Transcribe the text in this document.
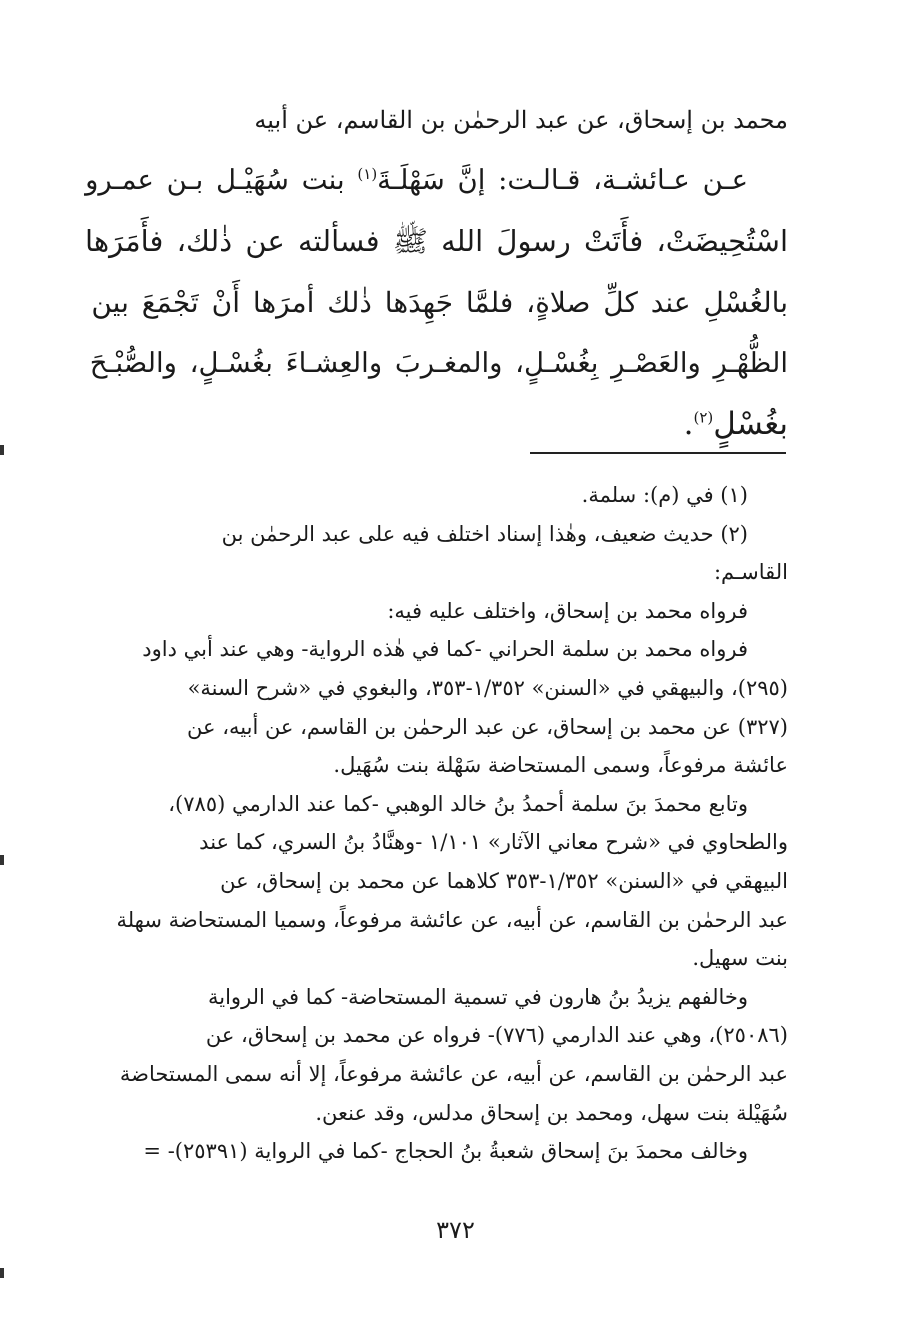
محمد بن إسحاق، عن عبد الرحمٰن بن القاسم، عن أبيه
عـن عـائشـة، قـالـت: إنَّ سَهْلَـةَ$^{(١)}$ بنت سُهَيْـل بـن عمـرو
اسْتُحِيضَتْ، فأَتَتْ رسولَ الله ﷺ فسألته عن ذٰلك، فأَمَرَها
بالغُسْلِ عند كلِّ صلاةٍ، فلمَّا جَهِدَها ذٰلك أمرَها أَنْ تَجْمَعَ بين
الظُّهْـرِ والعَصْـرِ بِغُسْـلٍ، والمغـربَ والعِشـاءَ بغُسْـلٍ، والصُّبْـحَ
بغُسْلٍ$^{(٢)}$.
(١) في (م): سلمة.
(٢) حديث ضعيف، وهٰذا إسناد اختلف فيه على عبد الرحمٰن بن
القاسـم:
فرواه محمد بن إسحاق، واختلف عليه فيه:
فرواه محمد بن سلمة الحراني -كما في هٰذه الرواية- وهي عند أبي داود
(٢٩٥)، والبيهقي في «السنن» ١/٣٥٢-٣٥٣، والبغوي في «شرح السنة»
(٣٢٧) عن محمد بن إسحاق، عن عبد الرحمٰن بن القاسم، عن أبيه، عن
عائشة مرفوعاً، وسمى المستحاضة سَهْلة بنت سُهَيل.
وتابع محمدَ بنَ سلمة أحمدُ بنُ خالد الوهبي -كما عند الدارمي (٧٨٥)،
والطحاوي في «شرح معاني الآثار» ١/١٠١ -وهنَّادُ بنُ السري، كما عند
البيهقي في «السنن» ١/٣٥٢-٣٥٣ كلاهما عن محمد بن إسحاق، عن
عبد الرحمٰن بن القاسم، عن أبيه، عن عائشة مرفوعاً، وسميا المستحاضة سهلة
بنت سهيل.
وخالفهم يزيدُ بنُ هارون في تسمية المستحاضة- كما في الرواية
(٢٥٠٨٦)، وهي عند الدارمي (٧٧٦)- فرواه عن محمد بن إسحاق، عن
عبد الرحمٰن بن القاسم، عن أبيه، عن عائشة مرفوعاً، إلا أنه سمى المستحاضة
سُهَيْلة بنت سهل، ومحمد بن إسحاق مدلس، وقد عنعن.
وخالف محمدَ بنَ إسحاق شعبةُ بنُ الحجاج -كما في الرواية (٢٥٣٩١)- =
٣٧٢
